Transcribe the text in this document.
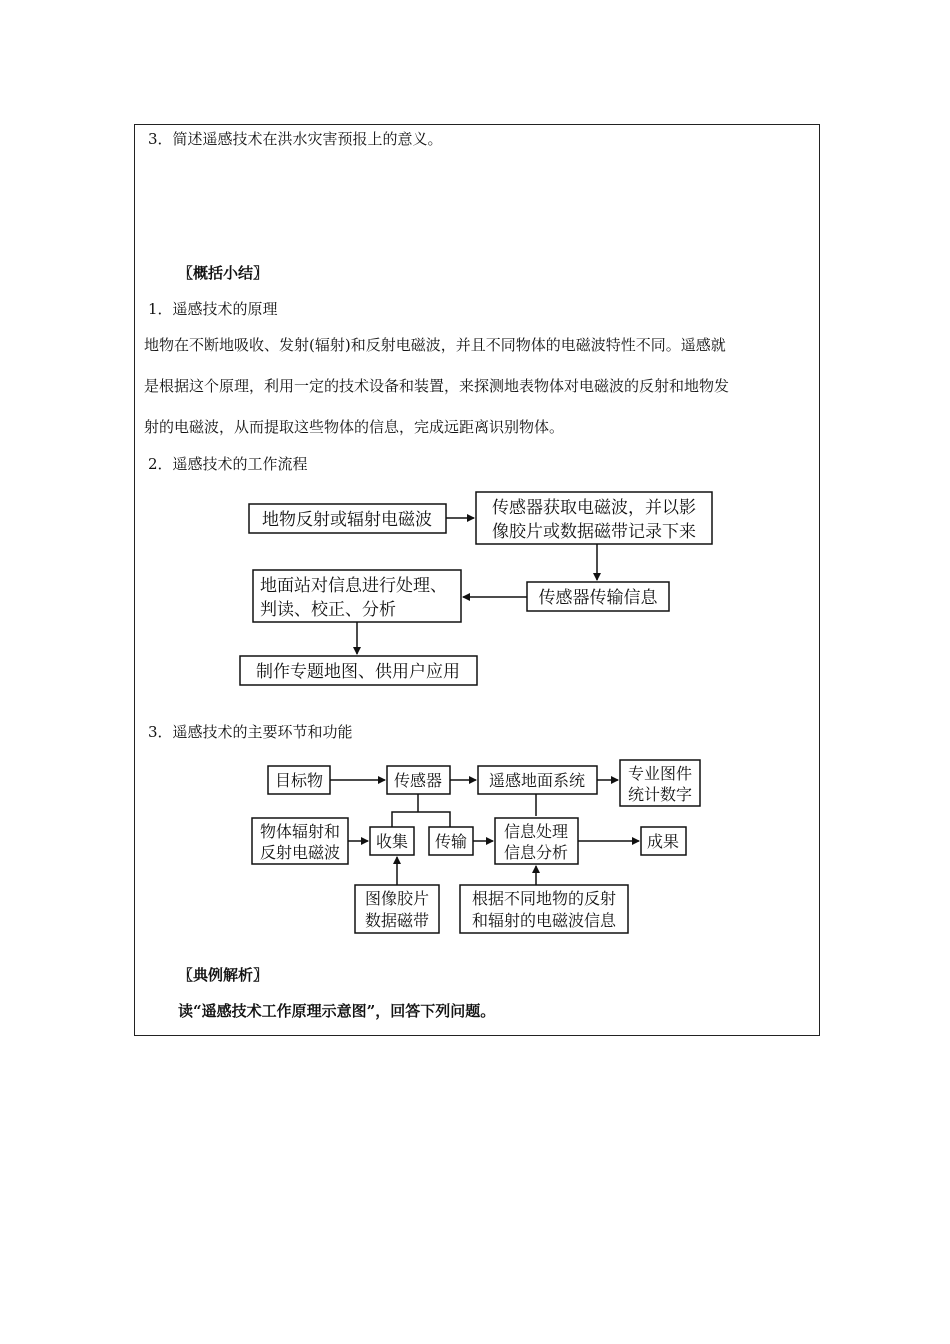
3．简述遥感技术在洪水灾害预报上的意义。
〖概括小结〗
1．遥感技术的原理
地物在不断地吸收、发射(辐射)和反射电磁波，并且不同物体的电磁波特性不同。遥感就
是根据这个原理，利用一定的技术设备和装置，来探测地表物体对电磁波的反射和地物发
射的电磁波，从而提取这些物体的信息，完成远距离识别物体。
2．遥感技术的工作流程
地物反射或辐射电磁波
传感器获取电磁波，并以影
像胶片或数据磁带记录下来
传感器传输信息
地面站对信息进行处理、
判读、校正、分析
制作专题地图、供用户应用
目标物	传感器	遥感地面系统	专业图件
统计数字
物体辐射和
反射电磁波
收集 传输
信息处理
信息分析
成果
图像胶片
数据磁带
根据不同地物的反射
和辐射的电磁波信息
3．遥感技术的主要环节和功能
〖典例解析〗
读“遥感技术工作原理示意图”，回答下列问题。
